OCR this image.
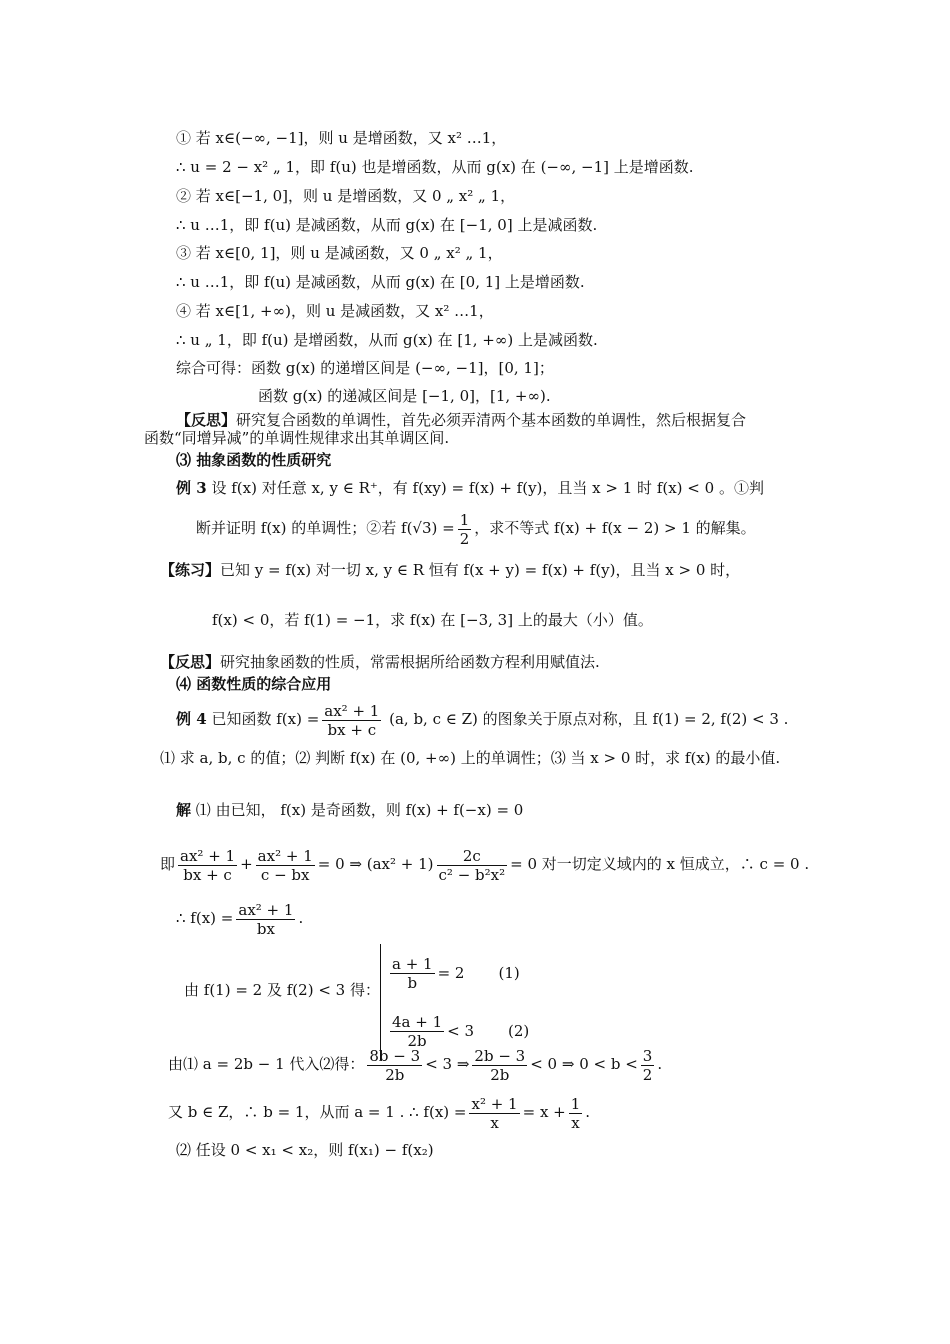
① 若 x∈(−∞, −1]，则 u 是增函数，又 x² …1，
∴ u = 2 − x² „ 1，即 f(u) 也是增函数，从而 g(x) 在 (−∞, −1] 上是增函数.
② 若 x∈[−1, 0]，则 u 是增函数，又 0 „ x² „ 1，
∴ u …1，即 f(u) 是减函数，从而 g(x) 在 [−1, 0] 上是减函数.
③ 若 x∈[0, 1]，则 u 是减函数，又 0 „ x² „ 1，
∴ u …1，即 f(u) 是减函数，从而 g(x) 在 [0, 1] 上是增函数.
④ 若 x∈[1, +∞)，则 u 是减函数，又 x² …1，
∴ u „ 1，即 f(u) 是增函数，从而 g(x) 在 [1, +∞) 上是减函数.
综合可得：函数 g(x) 的递增区间是 (−∞, −1]，[0, 1]；
函数 g(x) 的递减区间是 [−1, 0]，[1, +∞).
【反思】研究复合函数的单调性，首先必须弄清两个基本函数的单调性，然后根据复合
函数“同增异减”的单调性规律求出其单调区间.
⑶ 抽象函数的性质研究
例 3 设 f(x) 对任意 x, y ∈ R⁺，有 f(xy) = f(x) + f(y)，且当 x > 1 时 f(x) < 0 。①判
断并证明 f(x) 的单调性；②若 $f(√3) = \frac{1}{2}$ ，求不等式 f(x) + f(x − 2) > 1 的解集。
【练习】已知 y = f(x) 对一切 x, y ∈ R 恒有 f(x + y) = f(x) + f(y)，且当 x > 0 时，
f(x) < 0，若 f(1) = −1，求 f(x) 在 [−3, 3] 上的最大（小）值。
【反思】研究抽象函数的性质，常需根据所给函数方程利用赋值法.
⑷ 函数性质的综合应用
例 4 已知函数 $f(x) = \frac{\text{ax² + 1}}{bx + c} (a$, b, c ∈ Z) 的图象关于原点对称，且 f(1) = 2, f(2) < 3 .
⑴ 求 a, b, c 的值；⑵ 判断 f(x) 在 (0, +∞) 上的单调性；⑶ 当 x > 0 时，求 f(x) 的最小值.
解 ⑴ 由已知， f(x) 是奇函数，则 f(x) + f(−x) = 0
即 $\frac{\text{ax² + 1}}{bx + c} + \frac{\text{ax² + 1}}{c - bx} = 0$ ⇒ $(ax^2 + 1) \frac{2c}{\text{c² − b²x²}} = 0$ 对一切定义域内的 x 恒成立，∴ c = 0 .
∴ $f(x) = \frac{\text{ax² + 1}}{bx}$ .
由 f(1) = 2 及 f(2) < 3 得： $\frac{a + 1}{b} = 2$ (1)
$\frac{4a + 1}{2b} < 3$ (2)
由⑴ a = 2b − 1 代入⑵得： $\frac{8b - 3}{2b} < 3$ ⇒ $\frac{2b - 3}{2b} < 0$ ⇒ $0 < b < \frac{3}{2}$ .
又 b ∈ Z，∴ b = 1，从而 a = 1 . ∴ $f(x) = \frac{\text{x² + 1}}{x} = x + \frac{1}{x}$ .
⑵ 任设 0 < x₁ < x₂，则 f(x₁) − f(x₂)
